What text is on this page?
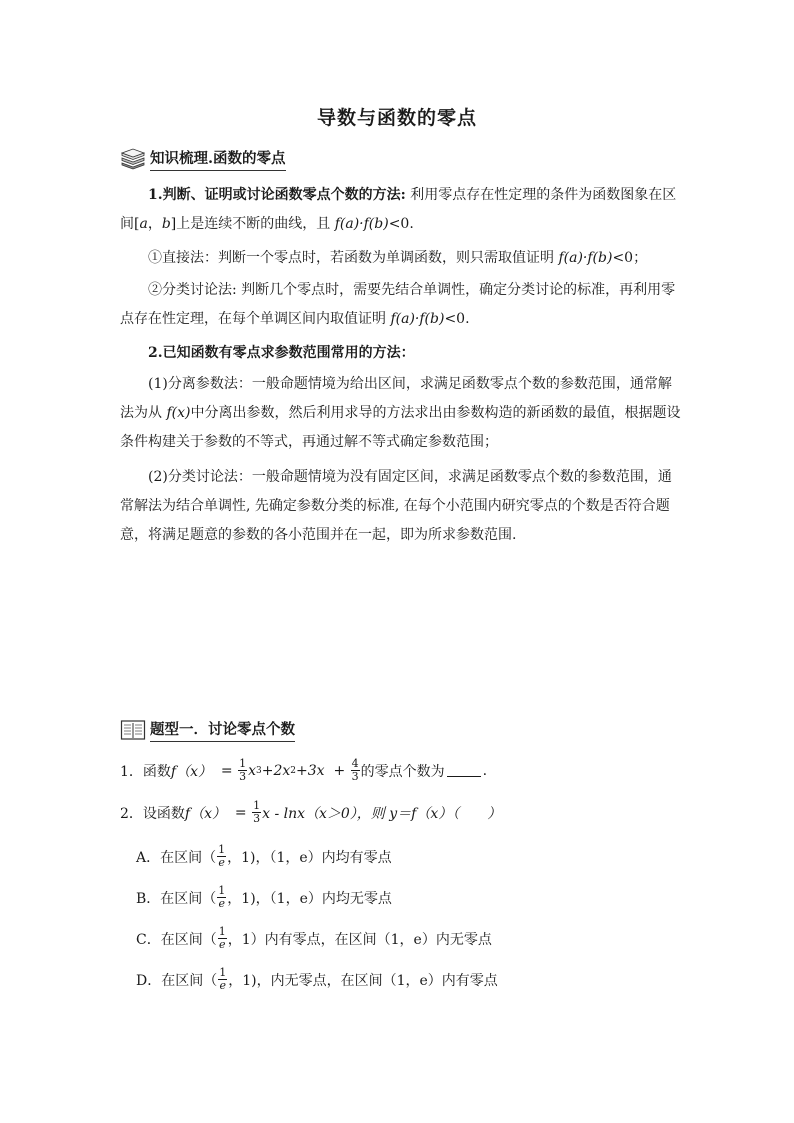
导数与函数的零点
知识梳理.函数的零点
1.判断、证明或讨论函数零点个数的方法: 利用零点存在性定理的条件为函数图象在区
间[a，b]上是连续不断的曲线，且 f(a)·f(b)<0.
①直接法：判断一个零点时，若函数为单调函数，则只需取值证明 f(a)·f(b)<0；
②分类讨论法: 判断几个零点时，需要先结合单调性，确定分类讨论的标准，再利用零
点存在性定理，在每个单调区间内取值证明 f(a)·f(b)<0.
2.已知函数有零点求参数范围常用的方法：
(1)分离参数法：一般命题情境为给出区间，求满足函数零点个数的参数范围，通常解
法为从 f(x)中分离出参数，然后利用求导的方法求出由参数构造的新函数的最值，根据题设
条件构建关于参数的不等式，再通过解不等式确定参数范围；
(2)分类讨论法：一般命题情境为没有固定区间，求满足函数零点个数的参数范围，通
常解法为结合单调性, 先确定参数分类的标准, 在每个小范围内研究零点的个数是否符合题
意，将满足题意的参数的各小范围并在一起，即为所求参数范围.
题型一．讨论零点个数
1．函数 $f(x) = \frac{1}{3}$ x 3 +2x $2 +3x + \frac{4}{3}$ 的零点个数为	.
2．设函数 $f(x) = \frac{1}{3}$ x - lnx（x＞0），则 y＝f（x）（　　）
A．在区间（ $\frac{1}{e}$ ，1)，（1，e）内均有零点
B．在区间（ $\frac{1}{e}$ ，1)，（1，e）内均无零点
C．在区间（ $\frac{1}{e}$ ，1）内有零点，在区间（1，e）内无零点
D．在区间（ $\frac{1}{e}$ ，1)，内无零点，在区间（1，e）内有零点
